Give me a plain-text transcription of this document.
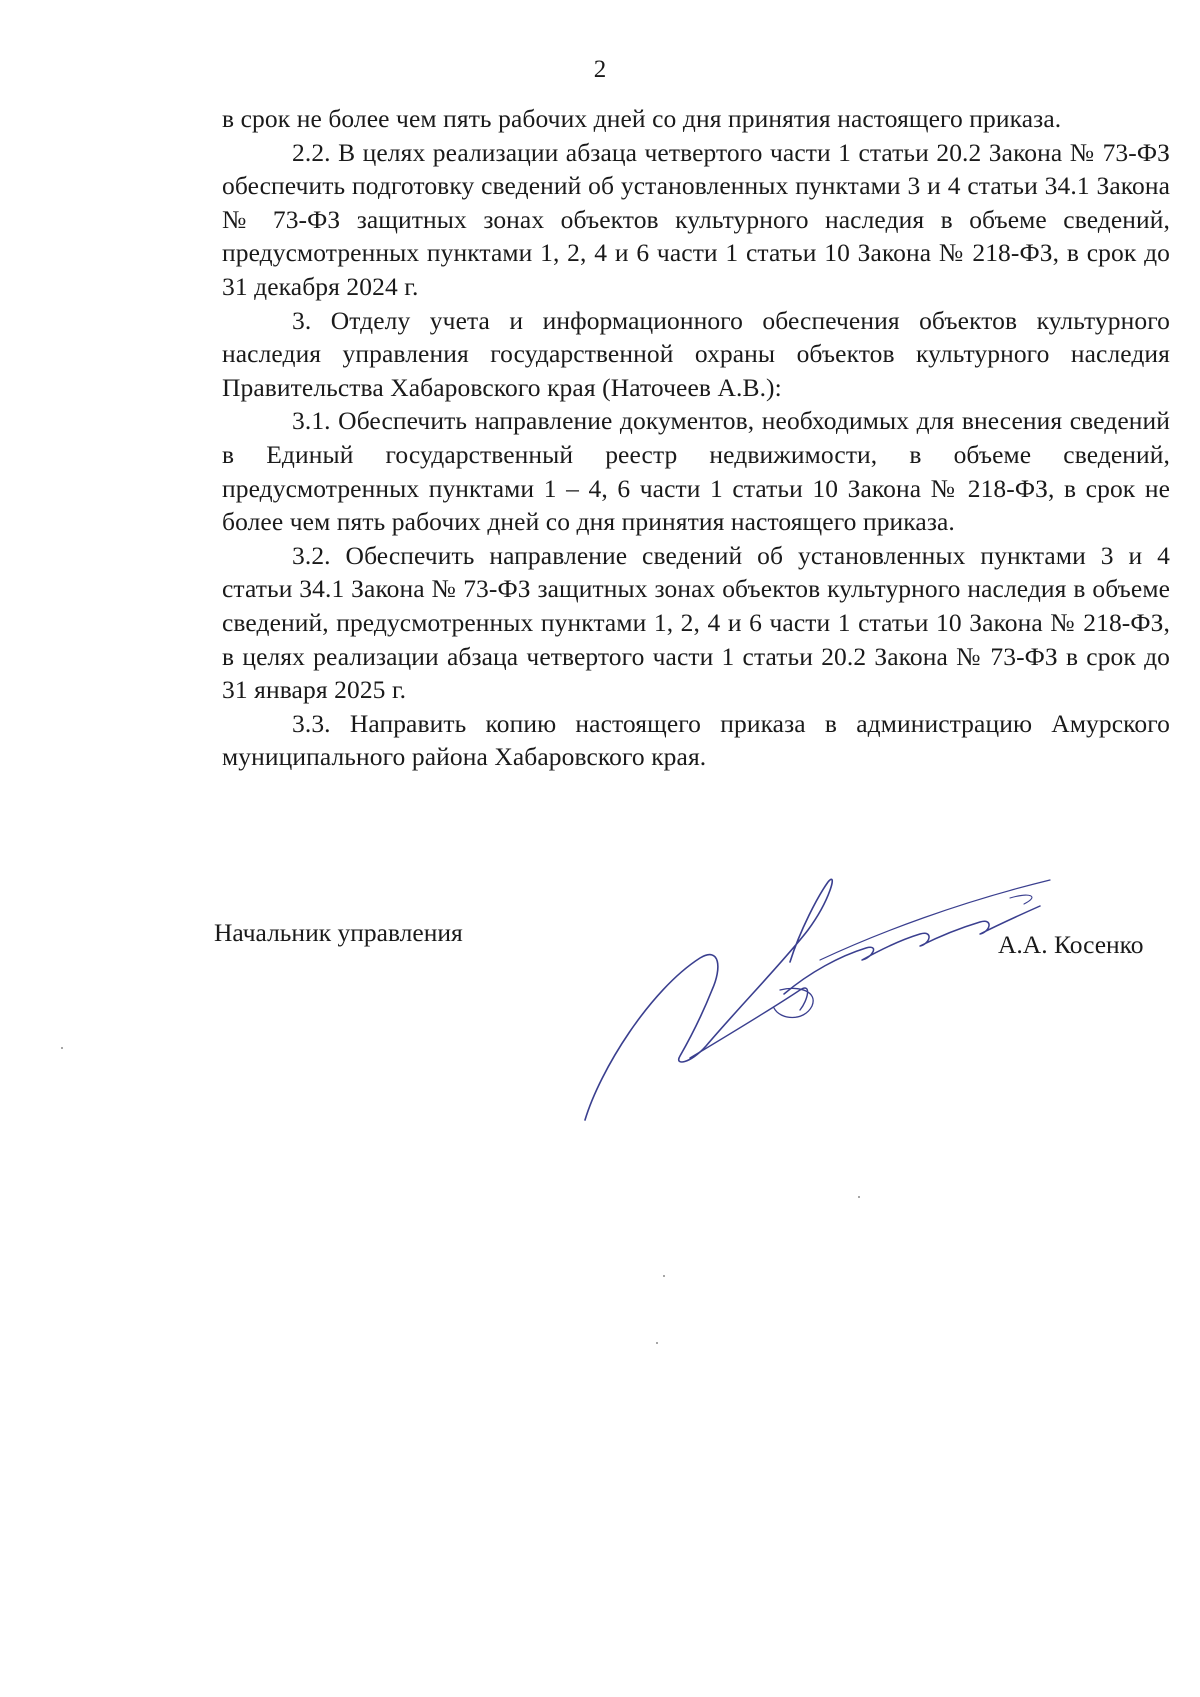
2

в срок не более чем пять рабочих дней со дня принятия настоящего приказа.

2.2. В целях реализации абзаца четвертого части 1 статьи 20.2 Закона № 73-ФЗ обеспечить подготовку сведений об установленных пунктами 3 и 4 статьи 34.1 Закона № 73-ФЗ защитных зонах объектов культурного наследия в объеме сведений, предусмотренных пунктами 1, 2, 4 и 6 части 1 статьи 10 Закона № 218-ФЗ, в срок до 31 декабря 2024 г.

3. Отделу учета и информационного обеспечения объектов культурного наследия управления государственной охраны объектов культурного наследия Правительства Хабаровского края (Наточеев А.В.):

3.1. Обеспечить направление документов, необходимых для внесения сведений в Единый государственный реестр недвижимости, в объеме сведений, предусмотренных пунктами 1 – 4, 6 части 1 статьи 10 Закона № 218-ФЗ, в срок не более чем пять рабочих дней со дня принятия настоящего приказа.

3.2. Обеспечить направление сведений об установленных пунктами 3 и 4 статьи 34.1 Закона № 73-ФЗ защитных зонах объектов культурного наследия в объеме сведений, предусмотренных пунктами 1, 2, 4 и 6 части 1 статьи 10 Закона № 218-ФЗ, в целях реализации абзаца четвертого части 1 статьи 20.2 Закона № 73-ФЗ в срок до 31 января 2025 г.

3.3. Направить копию настоящего приказа в администрацию Амурского муниципального района Хабаровского края.

Начальник управления	А.А. Косенко
